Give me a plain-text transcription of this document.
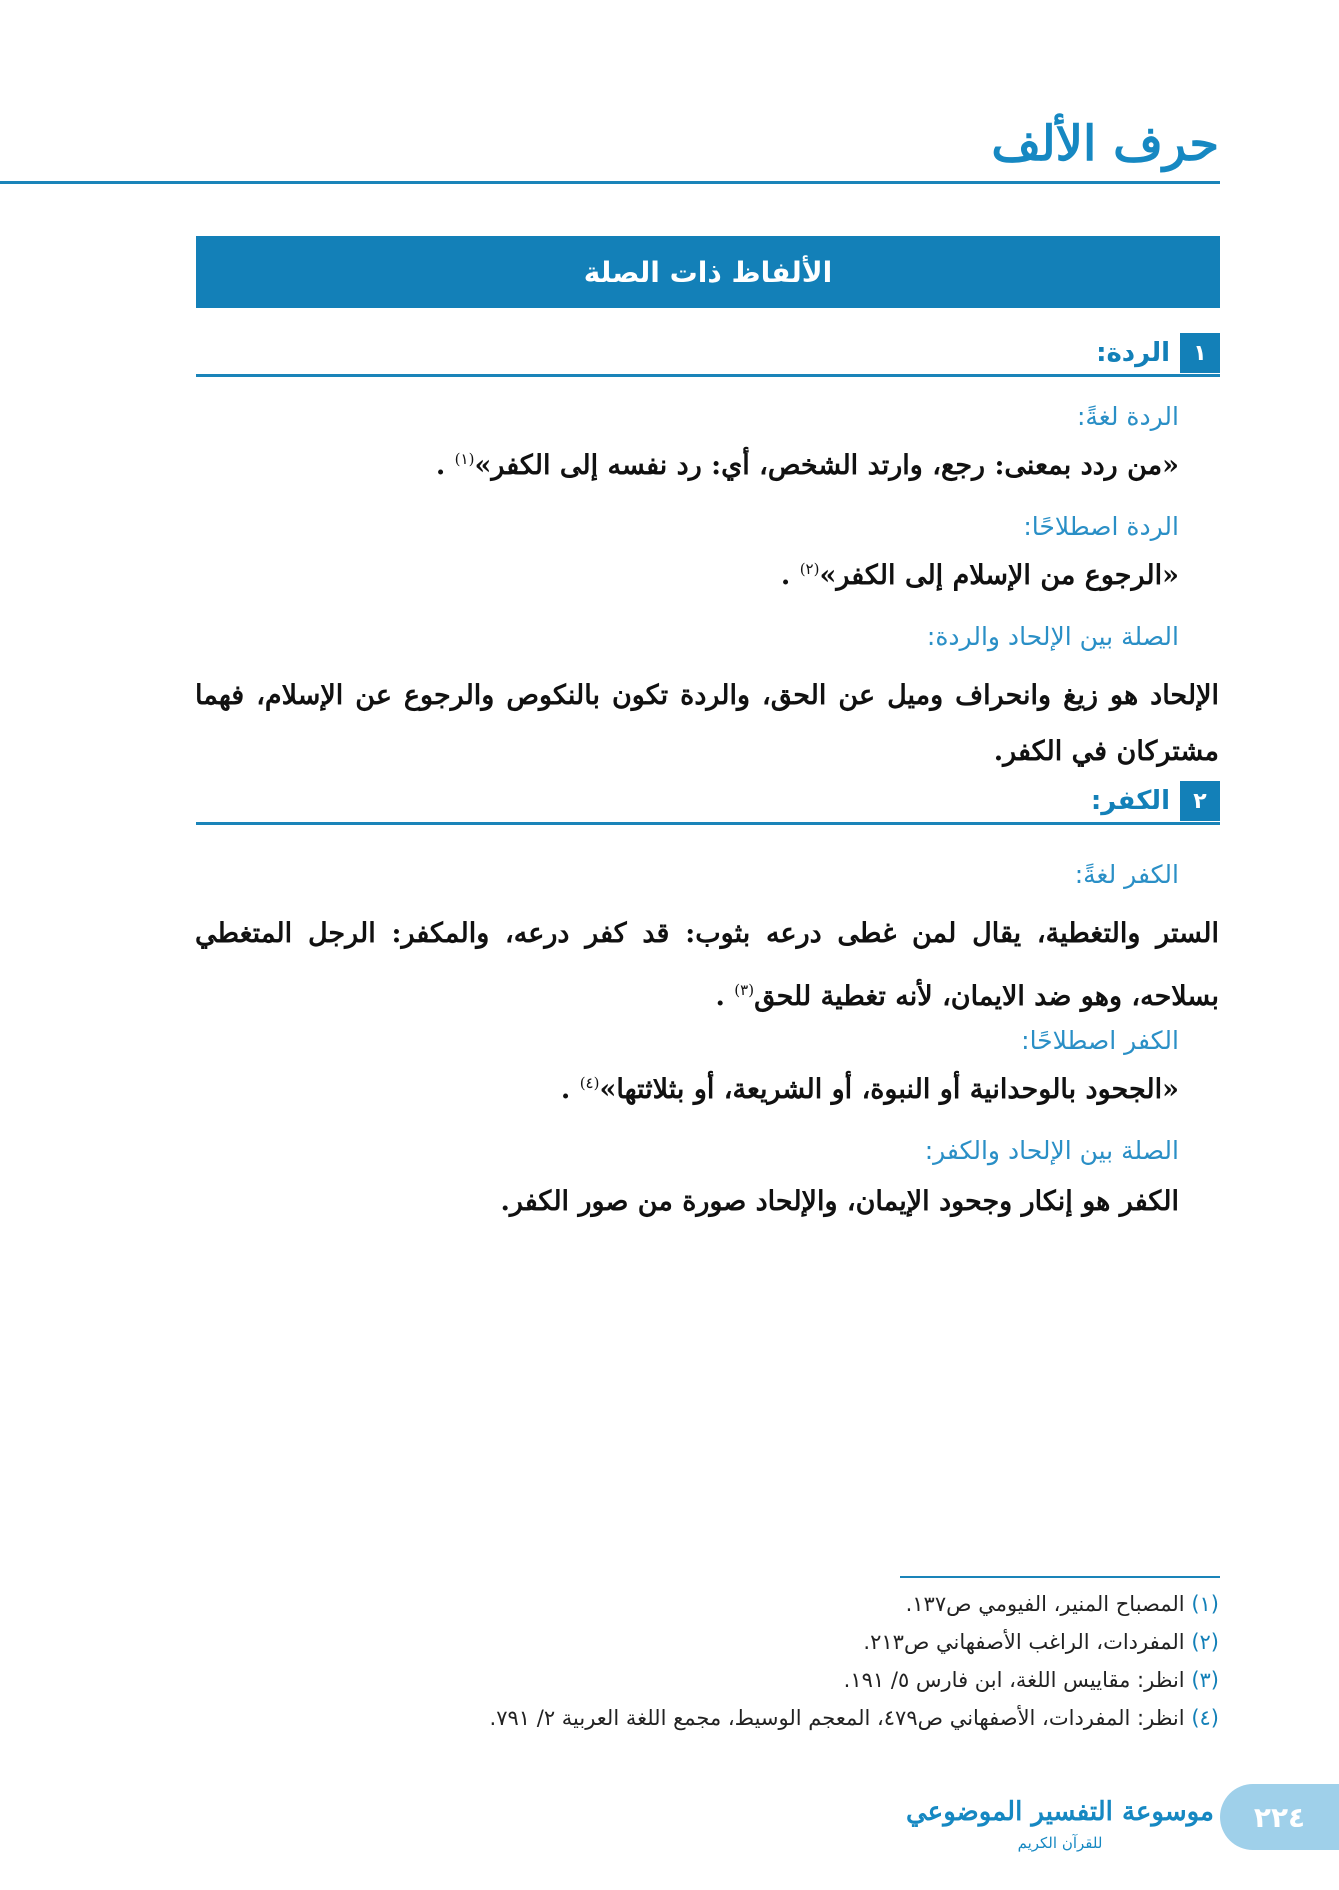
حرف الألف
الألفاظ ذات الصلة
١
الردة:
الردة لغةً:
«من ردد بمعنى: رجع، وارتد الشخص، أي: رد نفسه إلى الكفر»$^{(١)}$ .
الردة اصطلاحًا:
«الرجوع من الإسلام إلى الكفر»$^{(٢)}$ .
الصلة بين الإلحاد والردة:
الإلحاد هو زيغ وانحراف وميل عن الحق، والردة تكون بالنكوص والرجوع عن الإسلام، فهما مشتركان في الكفر.
٢
الكفر:
الكفر لغةً:
الستر والتغطية، يقال لمن غطى درعه بثوب: قد كفر درعه، والمكفر: الرجل المتغطي بسلاحه، وهو ضد الايمان، لأنه تغطية للحق$^{(٣)}$ .
الكفر اصطلاحًا:
«الجحود بالوحدانية أو النبوة، أو الشريعة، أو بثلاثتها»$^{(٤)}$ .
الصلة بين الإلحاد والكفر:
الكفر هو إنكار وجحود الإيمان، والإلحاد صورة من صور الكفر.
(١) المصباح المنير، الفيومي ص١٣٧.
(٢) المفردات، الراغب الأصفهاني ص٢١٣.
(٣) انظر: مقاييس اللغة، ابن فارس ٥/ ١٩١.
(٤) انظر: المفردات، الأصفهاني ص٤٧٩، المعجم الوسيط، مجمع اللغة العربية ٢/ ٧٩١.
موسوعة التفسير الموضوعي
للقرآن الكريم
٢٢٤
